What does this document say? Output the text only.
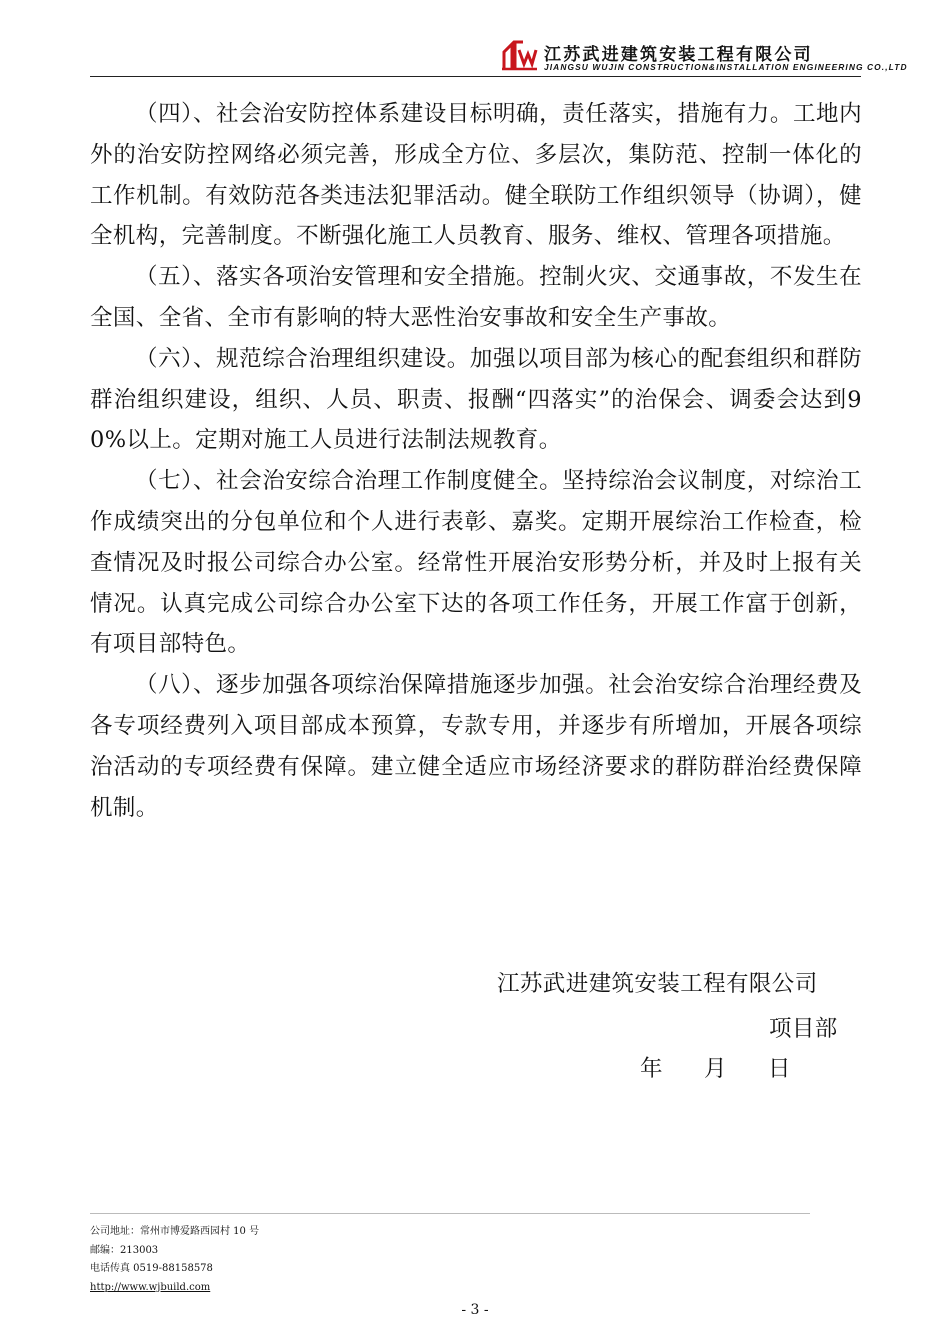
江苏武进建筑安装工程有限公司
JIANGSU WUJIN CONSTRUCTION&INSTALLATION ENGINEERING CO.,LTD

（四）、社会治安防控体系建设目标明确，责任落实，措施有力。工地内外的治安防控网络必须完善，形成全方位、多层次，集防范、控制一体化的工作机制。有效防范各类违法犯罪活动。健全联防工作组织领导（协调），健全机构，完善制度。不断强化施工人员教育、服务、维权、管理各项措施。

（五）、落实各项治安管理和安全措施。控制火灾、交通事故，不发生在全国、全省、全市有影响的特大恶性治安事故和安全生产事故。

（六）、规范综合治理组织建设。加强以项目部为核心的配套组织和群防群治组织建设，组织、人员、职责、报酬“四落实”的治保会、调委会达到90%以上。定期对施工人员进行法制法规教育。

（七）、社会治安综合治理工作制度健全。坚持综治会议制度，对综治工作成绩突出的分包单位和个人进行表彰、嘉奖。定期开展综治工作检查，检查情况及时报公司综合办公室。经常性开展治安形势分析，并及时上报有关情况。认真完成公司综合办公室下达的各项工作任务，开展工作富于创新，有项目部特色。

（八）、逐步加强各项综治保障措施逐步加强。社会治安综合治理经费及各专项经费列入项目部成本预算，专款专用，并逐步有所增加，开展各项综治活动的专项经费有保障。建立健全适应市场经济要求的群防群治经费保障机制。

江苏武进建筑安装工程有限公司
项目部
年 月 日
公司地址：常州市博爱路西园村 10 号
邮编：213003
电话传真 0519-88158578
http://www.wjbuild.com
- 3 -
